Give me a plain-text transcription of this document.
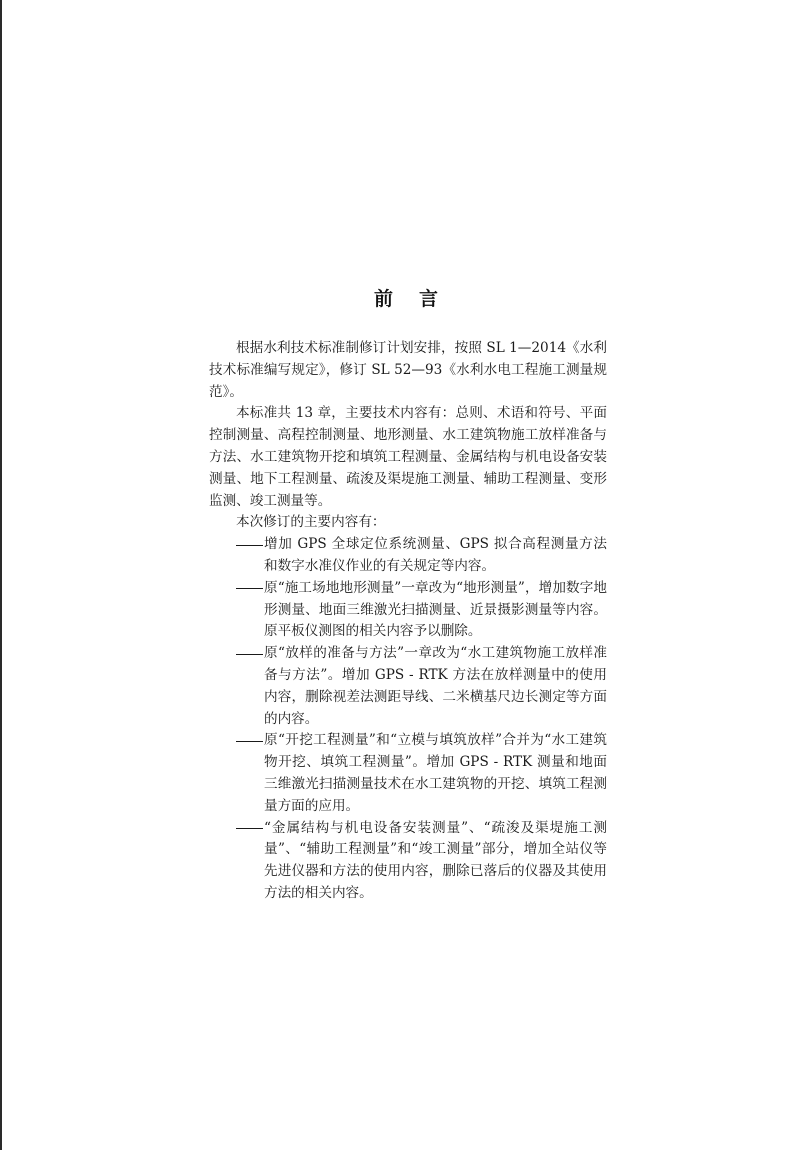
前言

根据水利技术标准制修订计划安排，按照 SL 1—2014《水利技术标准编写规定》，修订 SL 52—93《水利水电工程施工测量规范》。

本标准共 13 章，主要技术内容有：总则、术语和符号、平面控制测量、高程控制测量、地形测量、水工建筑物施工放样准备与方法、水工建筑物开挖和填筑工程测量、金属结构与机电设备安装测量、地下工程测量、疏浚及渠堤施工测量、辅助工程测量、变形监测、竣工测量等。

本次修订的主要内容有：

增加 GPS 全球定位系统测量、GPS 拟合高程测量方法和数字水准仪作业的有关规定等内容。
原“施工场地地形测量”一章改为“地形测量”，增加数字地形测量、地面三维激光扫描测量、近景摄影测量等内容。原平板仪测图的相关内容予以删除。
原“放样的准备与方法”一章改为“水工建筑物施工放样准备与方法”。增加 GPS - RTK 方法在放样测量中的使用内容，删除视差法测距导线、二米横基尺边长测定等方面的内容。
原“开挖工程测量”和“立模与填筑放样”合并为“水工建筑物开挖、填筑工程测量”。增加 GPS - RTK 测量和地面三维激光扫描测量技术在水工建筑物的开挖、填筑工程测量方面的应用。
“金属结构与机电设备安装测量”、“疏浚及渠堤施工测量”、“辅助工程测量”和“竣工测量”部分，增加全站仪等先进仪器和方法的使用内容，删除已落后的仪器及其使用方法的相关内容。
